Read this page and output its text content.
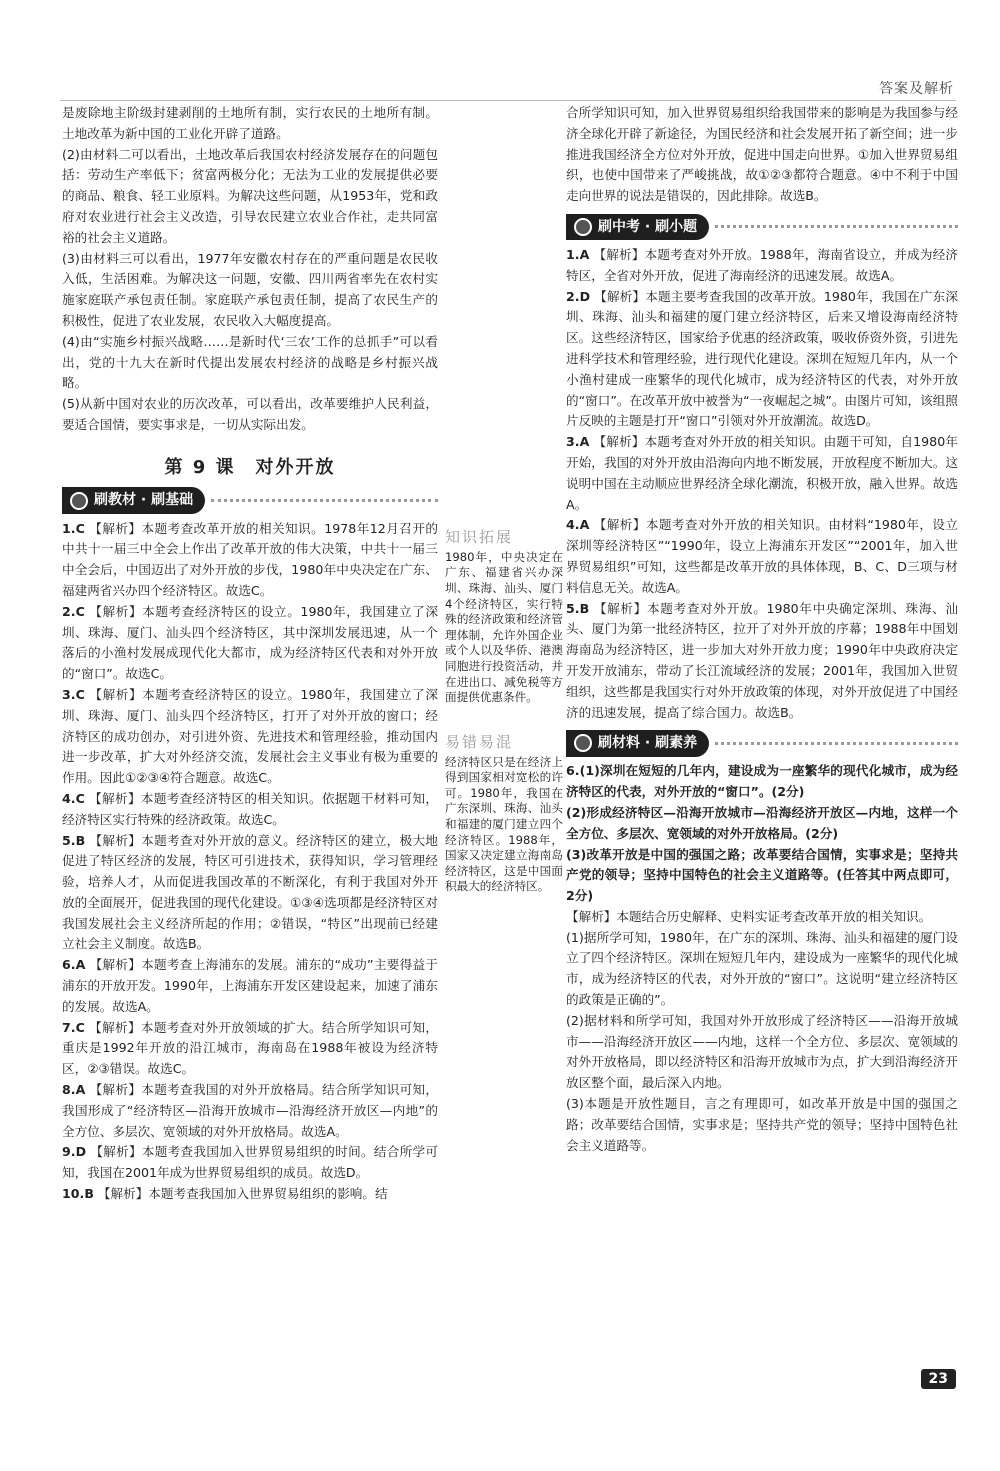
答案及解析

是废除地主阶级封建剥削的土地所有制，实行农民的土地所有制。土地改革为新中国的工业化开辟了道路。

(2)由材料二可以看出，土地改革后我国农村经济发展存在的问题包括：劳动生产率低下；贫富两极分化；无法为工业的发展提供必要的商品、粮食、轻工业原料。为解决这些问题，从1953年，党和政府对农业进行社会主义改造，引导农民建立农业合作社，走共同富裕的社会主义道路。

(3)由材料三可以看出，1977年安徽农村存在的严重问题是农民收入低，生活困难。为解决这一问题，安徽、四川两省率先在农村实施家庭联产承包责任制。家庭联产承包责任制，提高了农民生产的积极性，促进了农业发展，农民收入大幅度提高。

(4)由“实施乡村振兴战略……是新时代‘三农’工作的总抓手”可以看出，党的十九大在新时代提出发展农村经济的战略是乡村振兴战略。

(5)从新中国对农业的历次改革，可以看出，改革要维护人民利益，要适合国情，要实事求是，一切从实际出发。

第 9 课　对外开放
刷教材 · 刷基础

1.C 【解析】本题考查改革开放的相关知识。1978年12月召开的中共十一届三中全会上作出了改革开放的伟大决策，中共十一届三中全会后，中国迈出了对外开放的步伐，1980年中央决定在广东、福建两省兴办四个经济特区。故选C。

2.C 【解析】本题考查经济特区的设立。1980年，我国建立了深圳、珠海、厦门、汕头四个经济特区，其中深圳发展迅速，从一个落后的小渔村发展成现代化大都市，成为经济特区代表和对外开放的“窗口”。故选C。

3.C 【解析】本题考查经济特区的设立。1980年，我国建立了深圳、珠海、厦门、汕头四个经济特区，打开了对外开放的窗口；经济特区的成功创办，对引进外资、先进技术和管理经验，推动国内进一步改革，扩大对外经济交流，发展社会主义事业有极为重要的作用。因此①②③④符合题意。故选C。

4.C 【解析】本题考查经济特区的相关知识。依据题干材料可知，经济特区实行特殊的经济政策。故选C。

5.B 【解析】本题考查对外开放的意义。经济特区的建立，极大地促进了特区经济的发展，特区可引进技术，获得知识，学习管理经验，培养人才，从而促进我国改革的不断深化，有利于我国对外开放的全面展开，促进我国的现代化建设。①③④选项都是经济特区对我国发展社会主义经济所起的作用；②错误，“特区”出现前已经建立社会主义制度。故选B。

6.A 【解析】本题考查上海浦东的发展。浦东的“成功”主要得益于浦东的开放开发。1990年，上海浦东开发区建设起来，加速了浦东的发展。故选A。

7.C 【解析】本题考查对外开放领域的扩大。结合所学知识可知，重庆是1992年开放的沿江城市，海南岛在1988年被设为经济特区，②③错误。故选C。

8.A 【解析】本题考查我国的对外开放格局。结合所学知识可知，我国形成了“经济特区—沿海开放城市—沿海经济开放区—内地”的全方位、多层次、宽领域的对外开放格局。故选A。

9.D 【解析】本题考查我国加入世界贸易组织的时间。结合所学可知，我国在2001年成为世界贸易组织的成员。故选D。

10.B 【解析】本题考查我国加入世界贸易组织的影响。结

知识拓展
1980年，中央决定在广东、福建省兴办深圳、珠海、汕头、厦门4个经济特区，实行特殊的经济政策和经济管理体制，允许外国企业或个人以及华侨、港澳同胞进行投资活动，并在进出口、减免税等方面提供优惠条件。
易错易混
经济特区只是在经济上得到国家相对宽松的许可。1980年，我国在广东深圳、珠海、汕头和福建的厦门建立四个经济特区。1988年，国家又决定建立海南岛经济特区，这是中国面积最大的经济特区。

合所学知识可知，加入世界贸易组织给我国带来的影响是为我国参与经济全球化开辟了新途径，为国民经济和社会发展开拓了新空间；进一步推进我国经济全方位对外开放，促进中国走向世界。①加入世界贸易组织，也使中国带来了严峻挑战，故①②③都符合题意。④中不利于中国走向世界的说法是错误的，因此排除。故选B。

刷中考 · 刷小题

1.A 【解析】本题考查对外开放。1988年，海南省设立，并成为经济特区，全省对外开放，促进了海南经济的迅速发展。故选A。

2.D 【解析】本题主要考查我国的改革开放。1980年，我国在广东深圳、珠海、汕头和福建的厦门建立经济特区，后来又增设海南经济特区。这些经济特区，国家给予优惠的经济政策，吸收侨资外资，引进先进科学技术和管理经验，进行现代化建设。深圳在短短几年内，从一个小渔村建成一座繁华的现代化城市，成为经济特区的代表，对外开放的“窗口”。在改革开放中被誉为“一夜崛起之城”。由图片可知，该组照片反映的主题是打开“窗口”引领对外开放潮流。故选D。

3.A 【解析】本题考查对外开放的相关知识。由题干可知，自1980年开始，我国的对外开放由沿海向内地不断发展，开放程度不断加大。这说明中国在主动顺应世界经济全球化潮流，积极开放，融入世界。故选A。

4.A 【解析】本题考查对外开放的相关知识。由材料“1980年，设立深圳等经济特区”“1990年，设立上海浦东开发区”“2001年，加入世界贸易组织”可知，这些都是改革开放的具体体现，B、C、D三项与材料信息无关。故选A。

5.B 【解析】本题考查对外开放。1980年中央确定深圳、珠海、汕头、厦门为第一批经济特区，拉开了对外开放的序幕；1988年中国划海南岛为经济特区，进一步加大对外开放力度；1990年中央政府决定开发开放浦东，带动了长江流域经济的发展；2001年，我国加入世贸组织，这些都是我国实行对外开放政策的体现，对外开放促进了中国经济的迅速发展，提高了综合国力。故选B。

刷材料 · 刷素养

6.(1)深圳在短短的几年内，建设成为一座繁华的现代化城市，成为经济特区的代表，对外开放的“窗口”。(2分)

(2)形成经济特区—沿海开放城市—沿海经济开放区—内地，这样一个全方位、多层次、宽领域的对外开放格局。(2分)

(3)改革开放是中国的强国之路；改革要结合国情，实事求是；坚持共产党的领导；坚持中国特色的社会主义道路等。(任答其中两点即可，2分)

【解析】本题结合历史解释、史料实证考查改革开放的相关知识。

(1)据所学可知，1980年，在广东的深圳、珠海、汕头和福建的厦门设立了四个经济特区。深圳在短短几年内，建设成为一座繁华的现代化城市，成为经济特区的代表，对外开放的“窗口”。这说明“建立经济特区的政策是正确的”。

(2)据材料和所学可知，我国对外开放形成了经济特区——沿海开放城市——沿海经济开放区——内地，这样一个全方位、多层次、宽领域的对外开放格局，即以经济特区和沿海开放城市为点，扩大到沿海经济开放区整个面，最后深入内地。

(3)本题是开放性题目，言之有理即可，如改革开放是中国的强国之路；改革要结合国情，实事求是；坚持共产党的领导；坚持中国特色社会主义道路等。

23
